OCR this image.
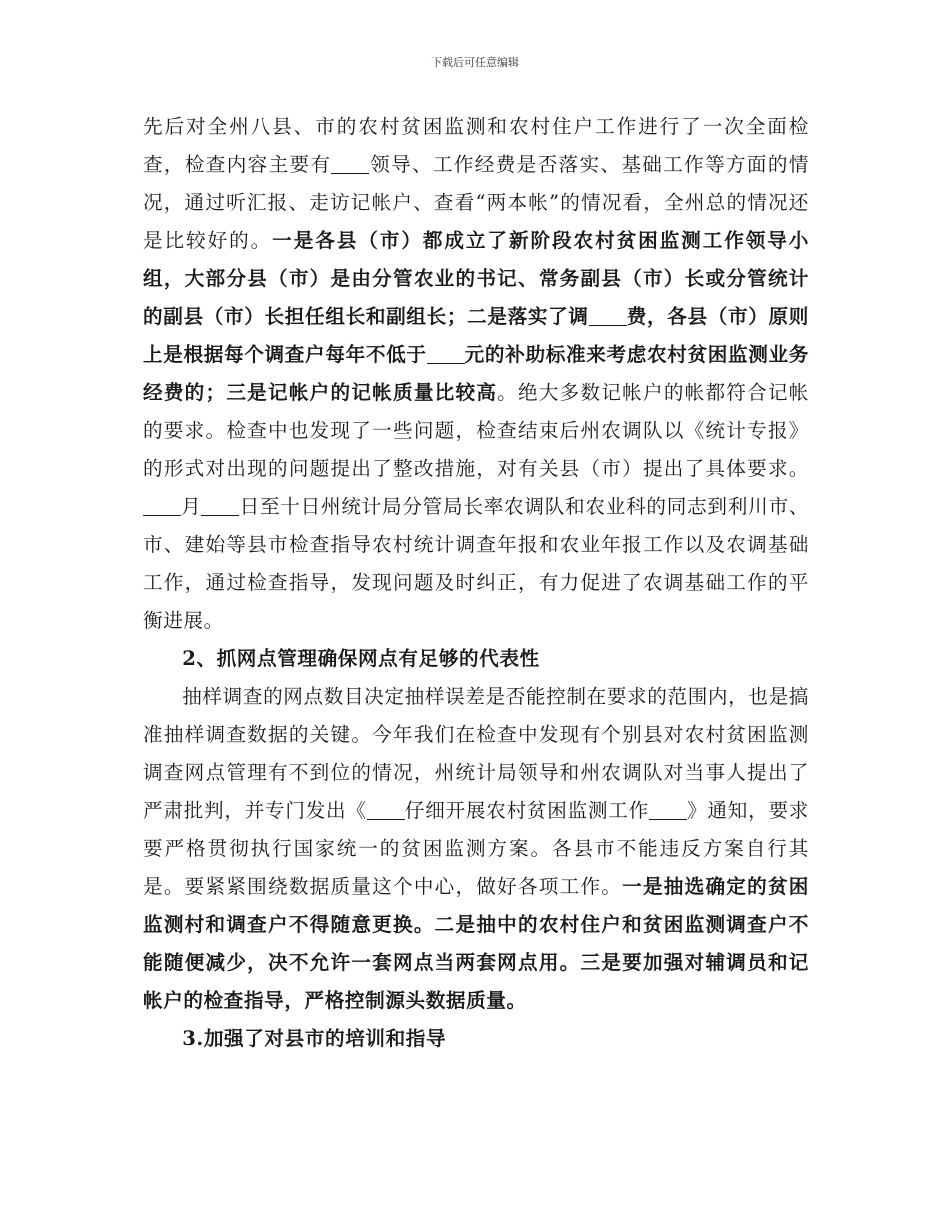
下载后可任意编辑

先后对全州八县、市的农村贫困监测和农村住户工作进行了一次全面检查，检查内容主要有 领导、工作经费是否落实、基础工作等方面的情况，通过听汇报、走访记帐户、查看“两本帐”的情况看，全州总的情况还是比较好的。一是各县（市）都成立了新阶段农村贫困监测工作领导小组，大部分县（市）是由分管农业的书记、常务副县（市）长或分管统计的副县（市）长担任组长和副组长；二是落实了调 费，各县（市）原则上是根据每个调查户每年不低于 元的补助标准来考虑农村贫困监测业务经费的；三是记帐户的记帐质量比较高。绝大多数记帐户的帐都符合记帐的要求。检查中也发现了一些问题，检查结束后州农调队以《统计专报》的形式对出现的问题提出了整改措施，对有关县（市）提出了具体要求。月 日至十日州统计局分管局长率农调队和农业科的同志到利川市、市、建始等县市检查指导农村统计调查年报和农业年报工作以及农调基础工作，通过检查指导，发现问题及时纠正，有力促进了农调基础工作的平衡进展。

2、抓网点管理确保网点有足够的代表性

抽样调查的网点数目决定抽样误差是否能控制在要求的范围内，也是搞准抽样调查数据的关键。今年我们在检查中发现有个别县对农村贫困监测调查网点管理有不到位的情况，州统计局领导和州农调队对当事人提出了严肃批判，并专门发出《 仔细开展农村贫困监测工作 》通知，要求要严格贯彻执行国家统一的贫困监测方案。各县市不能违反方案自行其是。要紧紧围绕数据质量这个中心，做好各项工作。一是抽选确定的贫困监测村和调查户不得随意更换。二是抽中的农村住户和贫困监测调查户不能随便减少，决不允许一套网点当两套网点用。三是要加强对辅调员和记帐户的检查指导，严格控制源头数据质量。

3.加强了对县市的培训和指导
